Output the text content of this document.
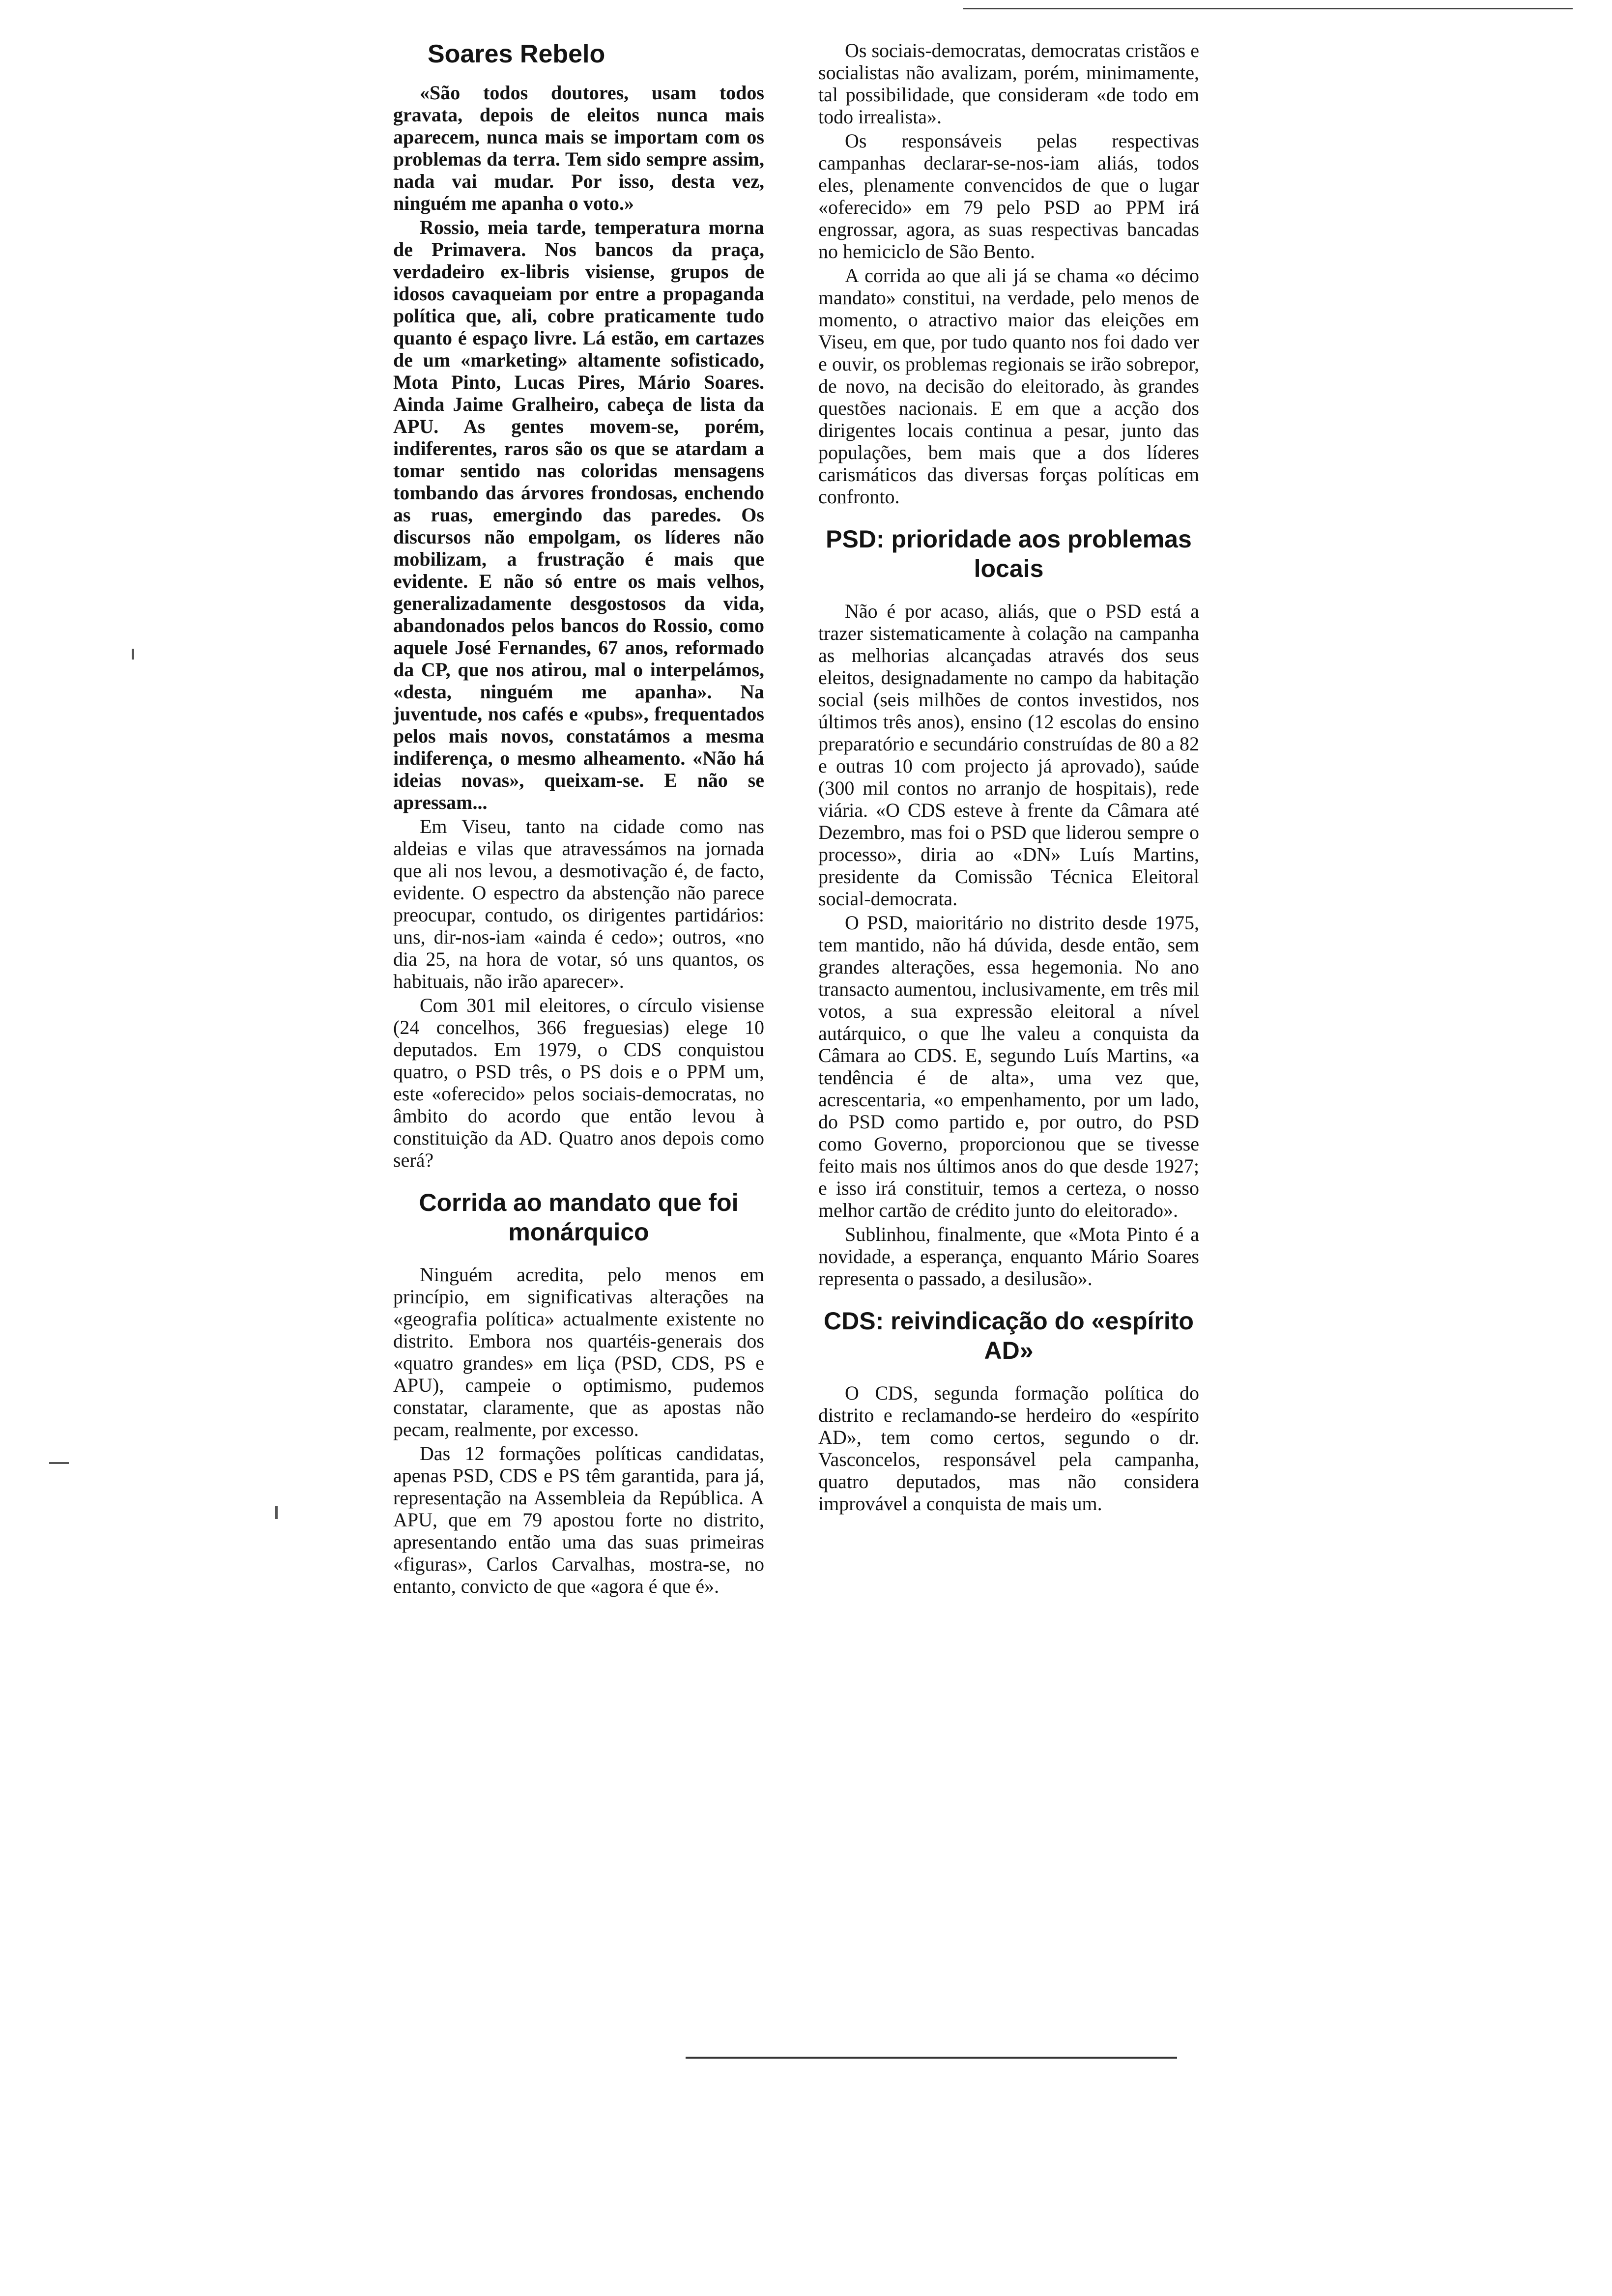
Soares Rebelo

«São todos doutores, usam todos gravata, depois de eleitos nunca mais aparecem, nunca mais se importam com os problemas da terra. Tem sido sempre assim, nada vai mudar. Por isso, desta vez, ninguém me apanha o voto.»

Rossio, meia tarde, temperatura morna de Primavera. Nos bancos da praça, verdadeiro ex-libris visiense, grupos de idosos cavaqueiam por entre a propaganda política que, ali, cobre praticamente tudo quanto é espaço livre. Lá estão, em cartazes de um «marketing» altamente sofisticado, Mota Pinto, Lucas Pires, Mário Soares. Ainda Jaime Gralheiro, cabeça de lista da APU. As gentes movem-se, porém, indiferentes, raros são os que se atardam a tomar sentido nas coloridas mensagens tombando das árvores frondosas, enchendo as ruas, emergindo das paredes. Os discursos não empolgam, os líderes não mobilizam, a frustração é mais que evidente. E não só entre os mais velhos, generalizadamente desgostosos da vida, abandonados pelos bancos do Rossio, como aquele José Fernandes, 67 anos, reformado da CP, que nos atirou, mal o interpelámos, «desta, ninguém me apanha». Na juventude, nos cafés e «pubs», frequentados pelos mais novos, constatámos a mesma indiferença, o mesmo alheamento. «Não há ideias novas», queixam-se. E não se apressam...

Em Viseu, tanto na cidade como nas aldeias e vilas que atravessámos na jornada que ali nos levou, a desmotivação é, de facto, evidente. O espectro da abstenção não parece preocupar, contudo, os dirigentes partidários: uns, dir-nos-iam «ainda é cedo»; outros, «no dia 25, na hora de votar, só uns quantos, os habituais, não irão aparecer».

Com 301 mil eleitores, o círculo visiense (24 concelhos, 366 freguesias) elege 10 deputados. Em 1979, o CDS conquistou quatro, o PSD três, o PS dois e o PPM um, este «oferecido» pelos sociais-democratas, no âmbito do acordo que então levou à constituição da AD. Quatro anos depois como será?

Corrida ao mandato que foi monárquico

Ninguém acredita, pelo menos em princípio, em significativas alterações na «geografia política» actualmente existente no distrito. Embora nos quartéis-generais dos «quatro grandes» em liça (PSD, CDS, PS e APU), campeie o optimismo, pudemos constatar, claramente, que as apostas não pecam, realmente, por excesso.

Das 12 formações políticas candidatas, apenas PSD, CDS e PS têm garantida, para já, representação na Assembleia da República. A APU, que em 79 apostou forte no distrito, apresentando então uma das suas primeiras «figuras», Carlos Carvalhas, mostra-se, no entanto, convicto de que «agora é que é».

Os sociais-democratas, democratas cristãos e socialistas não avalizam, porém, minimamente, tal possibilidade, que consideram «de todo em todo irrealista».

Os responsáveis pelas respectivas campanhas declarar-se-nos-iam aliás, todos eles, plenamente convencidos de que o lugar «oferecido» em 79 pelo PSD ao PPM irá engrossar, agora, as suas respectivas bancadas no hemiciclo de São Bento.

A corrida ao que ali já se chama «o décimo mandato» constitui, na verdade, pelo menos de momento, o atractivo maior das eleições em Viseu, em que, por tudo quanto nos foi dado ver e ouvir, os problemas regionais se irão sobrepor, de novo, na decisão do eleitorado, às grandes questões nacionais. E em que a acção dos dirigentes locais continua a pesar, junto das populações, bem mais que a dos líderes carismáticos das diversas forças políticas em confronto.

PSD: prioridade aos problemas locais

Não é por acaso, aliás, que o PSD está a trazer sistematicamente à colação na campanha as melhorias alcançadas através dos seus eleitos, designadamente no campo da habitação social (seis milhões de contos investidos, nos últimos três anos), ensino (12 escolas do ensino preparatório e secundário construídas de 80 a 82 e outras 10 com projecto já aprovado), saúde (300 mil contos no arranjo de hospitais), rede viária. «O CDS esteve à frente da Câmara até Dezembro, mas foi o PSD que liderou sempre o processo», diria ao «DN» Luís Martins, presidente da Comissão Técnica Eleitoral social-democrata.

O PSD, maioritário no distrito desde 1975, tem mantido, não há dúvida, desde então, sem grandes alterações, essa hegemonia. No ano transacto aumentou, inclusivamente, em três mil votos, a sua expressão eleitoral a nível autárquico, o que lhe valeu a conquista da Câmara ao CDS. E, segundo Luís Martins, «a tendência é de alta», uma vez que, acrescentaria, «o empenhamento, por um lado, do PSD como partido e, por outro, do PSD como Governo, proporcionou que se tivesse feito mais nos últimos anos do que desde 1927; e isso irá constituir, temos a certeza, o nosso melhor cartão de crédito junto do eleitorado».

Sublinhou, finalmente, que «Mota Pinto é a novidade, a esperança, enquanto Mário Soares representa o passado, a desilusão».

CDS: reivindicação do «espírito AD»

O CDS, segunda formação política do distrito e reclamando-se herdeiro do «espírito AD», tem como certos, segundo o dr. Vasconcelos, responsável pela campanha, quatro deputados, mas não considera improvável a conquista de mais um.
